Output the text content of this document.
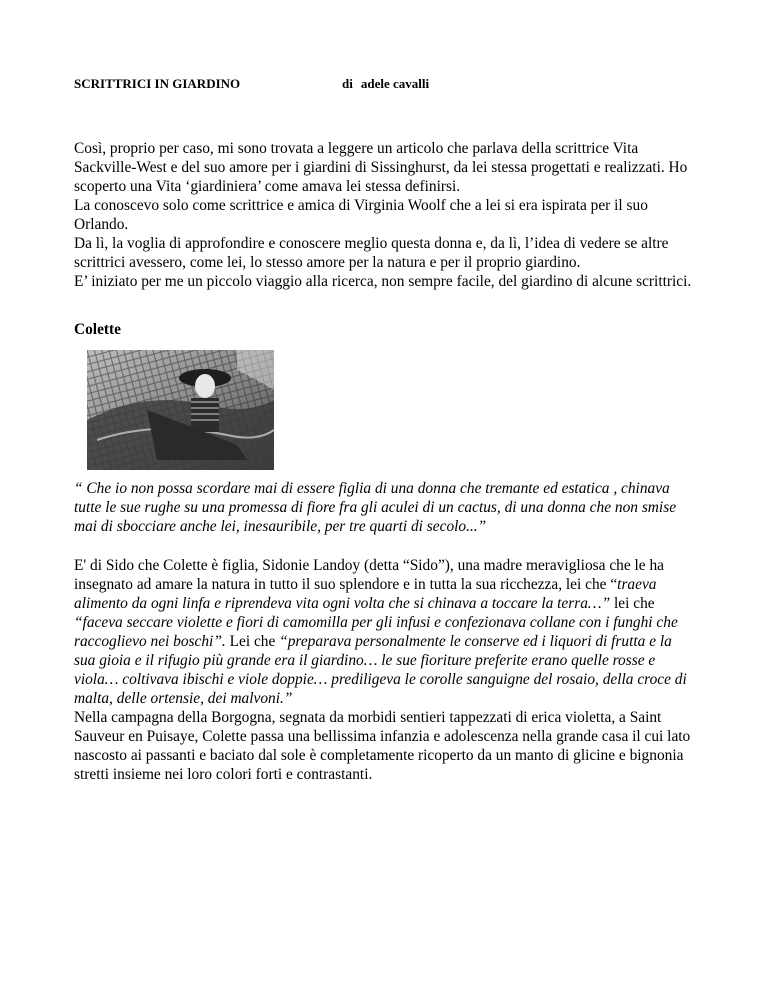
SCRITTRICI IN GIARDINO	di adele cavalli

Così, proprio per caso, mi sono trovata a leggere un articolo che parlava della scrittrice Vita Sackville-West e del suo amore per i giardini di Sissinghurst, da lei stessa progettati e realizzati. Ho scoperto una Vita ‘giardiniera’ come amava lei stessa definirsi.

La conoscevo solo come scrittrice e amica di Virginia Woolf che a lei si era ispirata per il suo Orlando.

Da lì, la voglia di approfondire e conoscere meglio questa donna e, da lì, l’idea di vedere se altre scrittrici avessero, come lei, lo stesso amore per la natura e per il proprio giardino.

E’ iniziato per me un piccolo viaggio alla ricerca, non sempre facile, del giardino di alcune scrittrici.

Colette

“ Che io non possa scordare mai di essere figlia di una donna che tremante ed estatica , chinava tutte le sue rughe su una promessa di fiore fra gli aculei di un cactus, di una donna che non smise mai di sbocciare anche lei, inesauribile, per tre quarti di secolo...”

E' di Sido che Colette è figlia, Sidonie Landoy (detta “Sido”), una madre meravigliosa che le ha insegnato ad amare la natura in tutto il suo splendore e in tutta la sua ricchezza, lei che “traeva alimento da ogni linfa e riprendeva vita ogni volta che si chinava a toccare la terra…” lei che “faceva seccare violette e fiori di camomilla per gli infusi e confezionava collane con i funghi che raccoglievo nei boschi”. Lei che “preparava personalmente le conserve ed i liquori di frutta e la sua gioia e il rifugio più grande era il giardino… le sue fioriture preferite erano quelle rosse e viola… coltivava ibischi e viole doppie… prediligeva le corolle sanguigne del rosaio, della croce di malta, delle ortensie, dei malvoni.”

Nella campagna della Borgogna, segnata da morbidi sentieri tappezzati di erica violetta, a Saint Sauveur en Puisaye, Colette passa una bellissima infanzia e adolescenza nella grande casa il cui lato nascosto ai passanti e baciato dal sole è completamente ricoperto da un manto di glicine e bignonia stretti insieme nei loro colori forti e contrastanti.
